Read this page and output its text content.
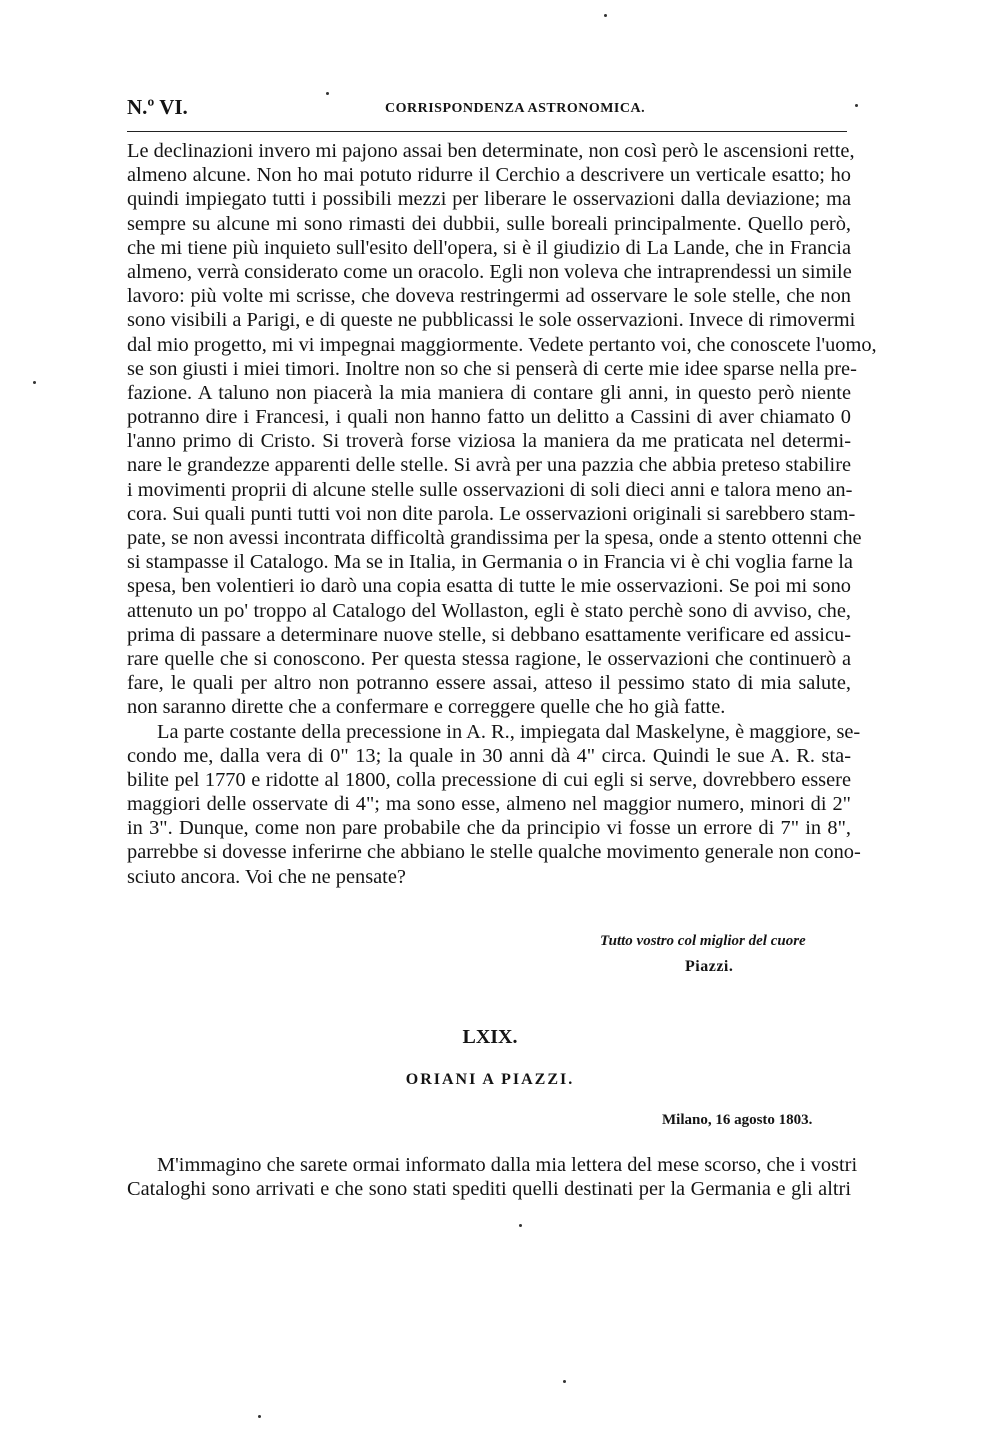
N.º VI.	CORRISPONDENZA ASTRONOMICA.
Le declinazioni invero mi pajono assai ben determinate, non così però le ascensioni rette,
almeno alcune. Non ho mai potuto ridurre il Cerchio a descrivere un verticale esatto; ho
quindi impiegato tutti i possibili mezzi per liberare le osservazioni dalla deviazione; ma
sempre su alcune mi sono rimasti dei dubbii, sulle boreali principalmente. Quello però,
che mi tiene più inquieto sull'esito dell'opera, si è il giudizio di La Lande, che in Francia
almeno, verrà considerato come un oracolo. Egli non voleva che intraprendessi un simile
lavoro: più volte mi scrisse, che doveva restringermi ad osservare le sole stelle, che non
sono visibili a Parigi, e di queste ne pubblicassi le sole osservazioni. Invece di rimovermi
dal mio progetto, mi vi impegnai maggiormente. Vedete pertanto voi, che conoscete l'uomo,
se son giusti i miei timori. Inoltre non so che si penserà di certe mie idee sparse nella pre-
fazione. A taluno non piacerà la mia maniera di contare gli anni, in questo però niente
potranno dire i Francesi, i quali non hanno fatto un delitto a Cassini di aver chiamato 0
l'anno primo di Cristo. Si troverà forse viziosa la maniera da me praticata nel determi-
nare le grandezze apparenti delle stelle. Si avrà per una pazzia che abbia preteso stabilire
i movimenti proprii di alcune stelle sulle osservazioni di soli dieci anni e talora meno an-
cora. Sui quali punti tutti voi non dite parola. Le osservazioni originali si sarebbero stam-
pate, se non avessi incontrata difficoltà grandissima per la spesa, onde a stento ottenni che
si stampasse il Catalogo. Ma se in Italia, in Germania o in Francia vi è chi voglia farne la
spesa, ben volentieri io darò una copia esatta di tutte le mie osservazioni. Se poi mi sono
attenuto un po' troppo al Catalogo del Wollaston, egli è stato perchè sono di avviso, che,
prima di passare a determinare nuove stelle, si debbano esattamente verificare ed assicu-
rare quelle che si conoscono. Per questa stessa ragione, le osservazioni che continuerò a
fare, le quali per altro non potranno essere assai, atteso il pessimo stato di mia salute,
non saranno dirette che a confermare e correggere quelle che ho già fatte.
La parte costante della precessione in A. R., impiegata dal Maskelyne, è maggiore, se-
condo me, dalla vera di 0" 13; la quale in 30 anni dà 4" circa. Quindi le sue A. R. sta-
bilite pel 1770 e ridotte al 1800, colla precessione di cui egli si serve, dovrebbero essere
maggiori delle osservate di 4"; ma sono esse, almeno nel maggior numero, minori di 2"
in 3". Dunque, come non pare probabile che da principio vi fosse un errore di 7" in 8",
parrebbe si dovesse inferirne che abbiano le stelle qualche movimento generale non cono-
sciuto ancora. Voi che ne pensate?
Tutto vostro col miglior del cuore
Piazzi.
LXIX.
ORIANI A PIAZZI.
Milano, 16 agosto 1803.
M'immagino che sarete ormai informato dalla mia lettera del mese scorso, che i vostri
Cataloghi sono arrivati e che sono stati spediti quelli destinati per la Germania e gli altri
